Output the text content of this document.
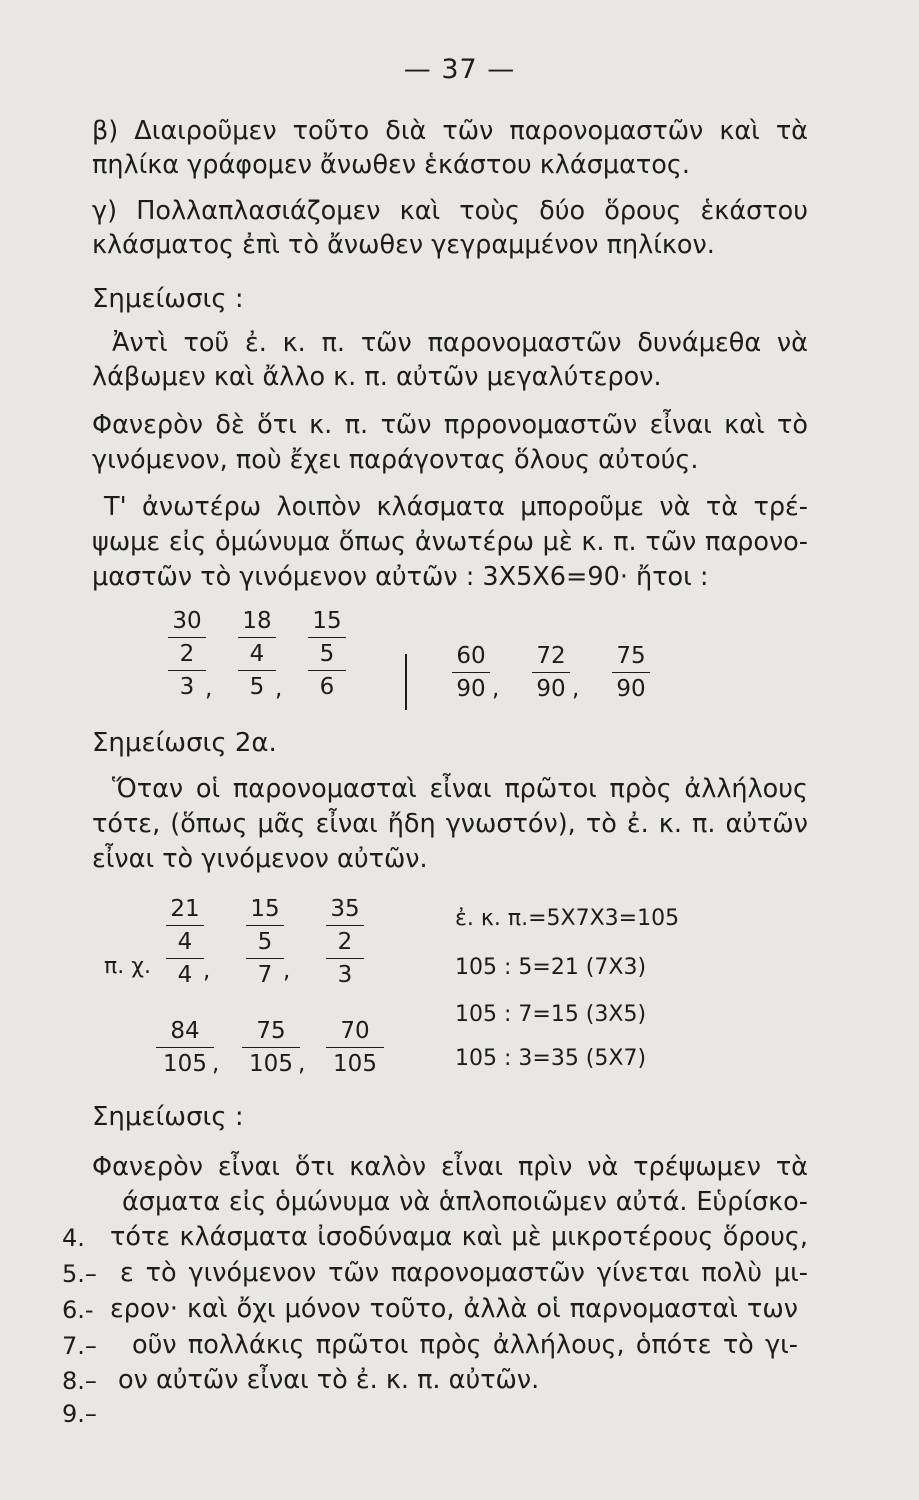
— 37 —
β) Διαιροῦμεν τοῦτο διὰ τῶν παρονομαστῶν καὶ τὰ
πηλίκα γράφομεν ἄνωθεν ἑκάστου κλάσματος.
γ) Πολλαπλασιάζομεν καὶ τοὺς δύο ὅρους ἑκάστου
κλάσματος ἐπὶ τὸ ἄνωθεν γεγραμμένον πηλίκον.
Σημείωσις :
Ἀντὶ τοῦ ἐ. κ. π. τῶν παρονομαστῶν δυνάμεθα νὰ
λάβωμεν καὶ ἄλλο κ. π. αὐτῶν μεγαλύτερον.
Φανερὸν δὲ ὅτι κ. π. τῶν πρρονομαστῶν εἶναι καὶ τὸ
γινόμενον, ποὺ ἔχει παράγοντας ὅλους αὐτούς.
Τ' ἀνωτέρω λοιπὸν κλάσματα μποροῦμε νὰ τὰ τρέ-
ψωμε εἰς ὁμώνυμα ὅπως ἀνωτέρω μὲ κ. π. τῶν παρονο-
μαστῶν τὸ γινόμενον αὐτῶν : 3Χ5Χ6=90· ἤτοι :
30
2
3 ,
18
4
5 ,
15
5
6
60
90 ,
72
90 ,
75
90
Σημείωσις 2α.
Ὅταν οἱ παρονομασταὶ εἶναι πρῶτοι πρὸς ἀλλήλους
τότε, (ὅπως μᾶς εἶναι ἤδη γνωστόν), τὸ ἐ. κ. π. αὐτῶν
εἶναι τὸ γινόμενον αὐτῶν.
π. χ.
21
4
4 ,
15
5
7 ,
35
2
3
84
105 ,
75
105 ,
70
105
ἐ. κ. π.=5Χ7Χ3=105
105 : 5=21 (7Χ3)
105 : 7=15 (3Χ5)
105 : 3=35 (5Χ7)
Σημείωσις :
Φανερὸν εἶναι ὅτι καλὸν εἶναι πρὶν νὰ τρέψωμεν τὰ
άσματα εἰς ὁμώνυμα νὰ ἁπλοποιῶμεν αὐτά. Εὑρίσκο-
τότε κλάσματα ἰσοδύναμα καὶ μὲ μικροτέρους ὅρους,
ε τὸ γινόμενον τῶν παρονομαστῶν γίνεται πολὺ μι-
ερον· καὶ ὄχι μόνον τοῦτο, ἀλλὰ οἱ παρνομασταὶ των
οῦν πολλάκις πρῶτοι πρὸς ἀλλήλους, ὁπότε τὸ γι-
ον αὐτῶν εἶναι τὸ ἐ. κ. π. αὐτῶν.
4.
5.–
6.-
7.–
8.–
9.–
